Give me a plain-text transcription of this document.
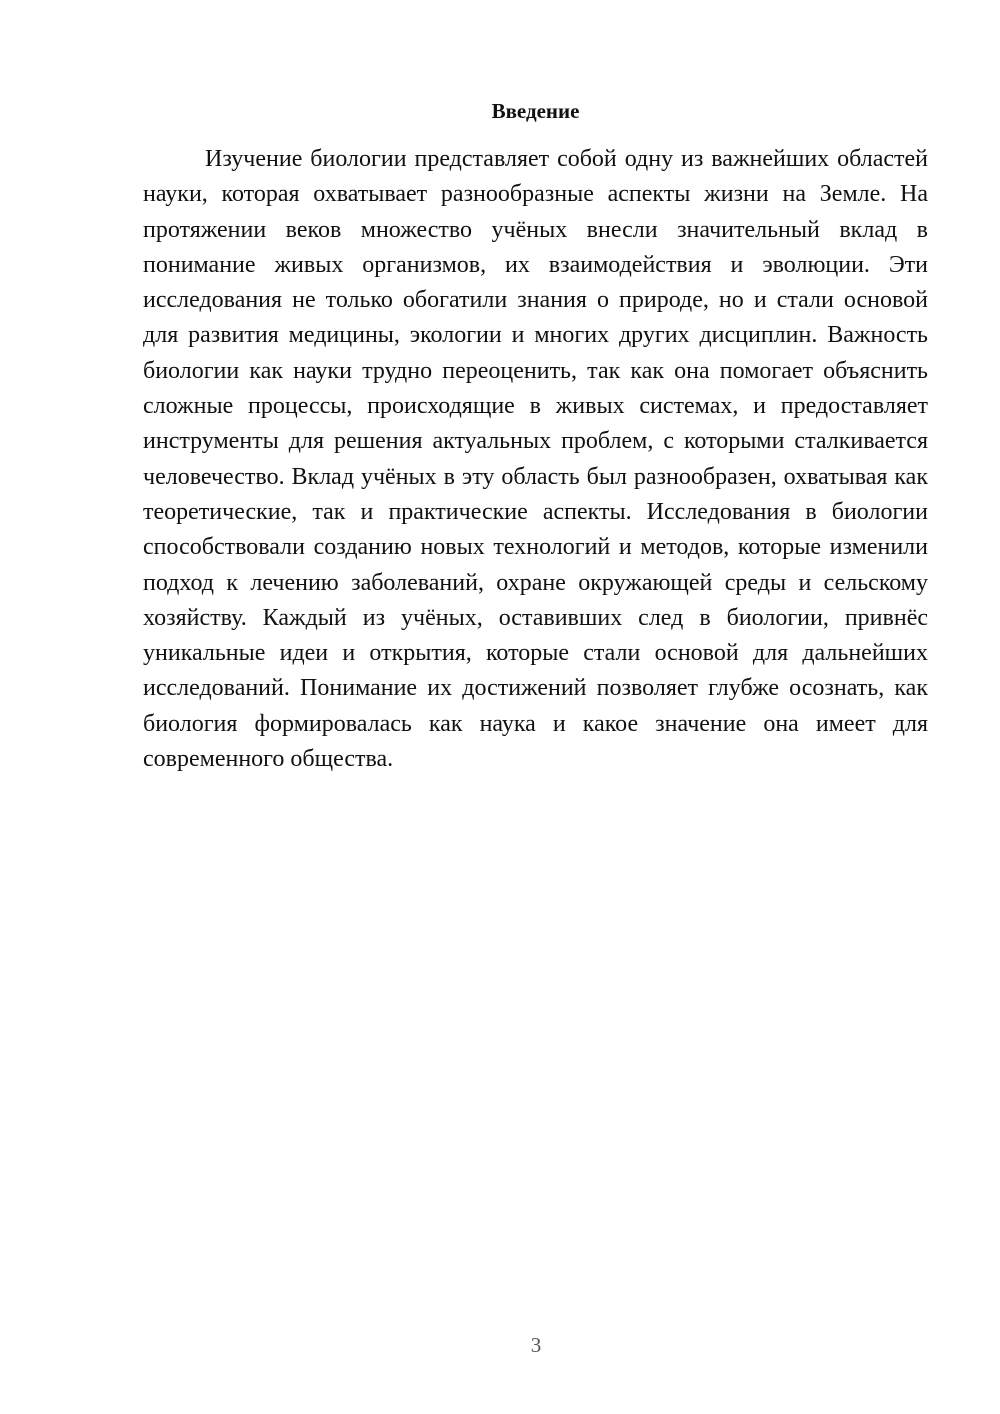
Введение

Изучение биологии представляет собой одну из важнейших областей науки, которая охватывает разнообразные аспекты жизни на Земле. На протяжении веков множество учёных внесли значительный вклад в понимание живых организмов, их взаимодействия и эволюции. Эти исследования не только обогатили знания о природе, но и стали основой для развития медицины, экологии и многих других дисциплин. Важность биологии как науки трудно переоценить, так как она помогает объяснить сложные процессы, происходящие в живых системах, и предоставляет инструменты для решения актуальных проблем, с которыми сталкивается человечество. Вклад учёных в эту область был разнообразен, охватывая как теоретические, так и практические аспекты. Исследования в биологии способствовали созданию новых технологий и методов, которые изменили подход к лечению заболеваний, охране окружающей среды и сельскому хозяйству. Каждый из учёных, оставивших след в биологии, привнёс уникальные идеи и открытия, которые стали основой для дальнейших исследований. Понимание их достижений позволяет глубже осознать, как биология формировалась как наука и какое значение она имеет для современного общества.

3
